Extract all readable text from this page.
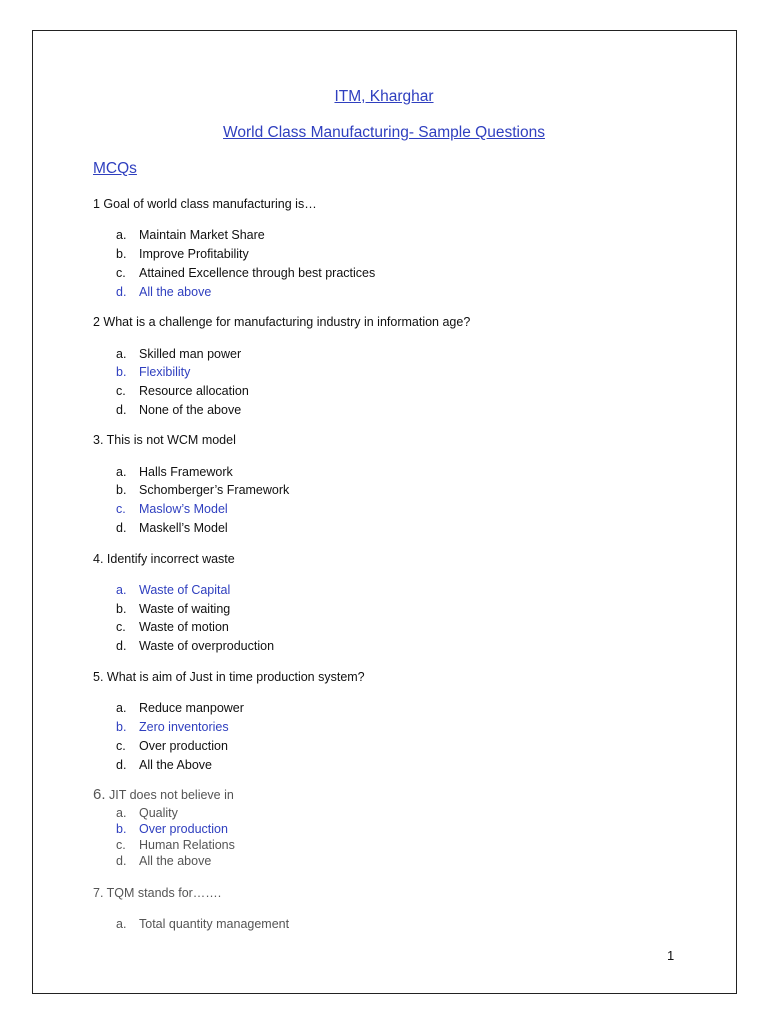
ITM, Kharghar
World Class Manufacturing- Sample Questions
MCQs
1 Goal of world class manufacturing is…
a. Maintain Market Share
b. Improve Profitability
c. Attained Excellence through best practices
d. All the above
2 What is a challenge for manufacturing industry in information age?
a. Skilled man power
b. Flexibility
c. Resource allocation
d. None of the above
3. This is not WCM model
a. Halls Framework
b. Schomberger’s Framework
c. Maslow’s Model
d. Maskell’s Model
4. Identify incorrect waste
a. Waste of Capital
b. Waste of waiting
c. Waste of motion
d. Waste of overproduction
5. What is aim of Just in time production system?
a. Reduce manpower
b. Zero inventories
c. Over production
d. All the Above
6. JIT does not believe in
a. Quality
b. Over production
c. Human Relations
d. All the above
7. TQM stands for…….
a. Total quantity management
1
